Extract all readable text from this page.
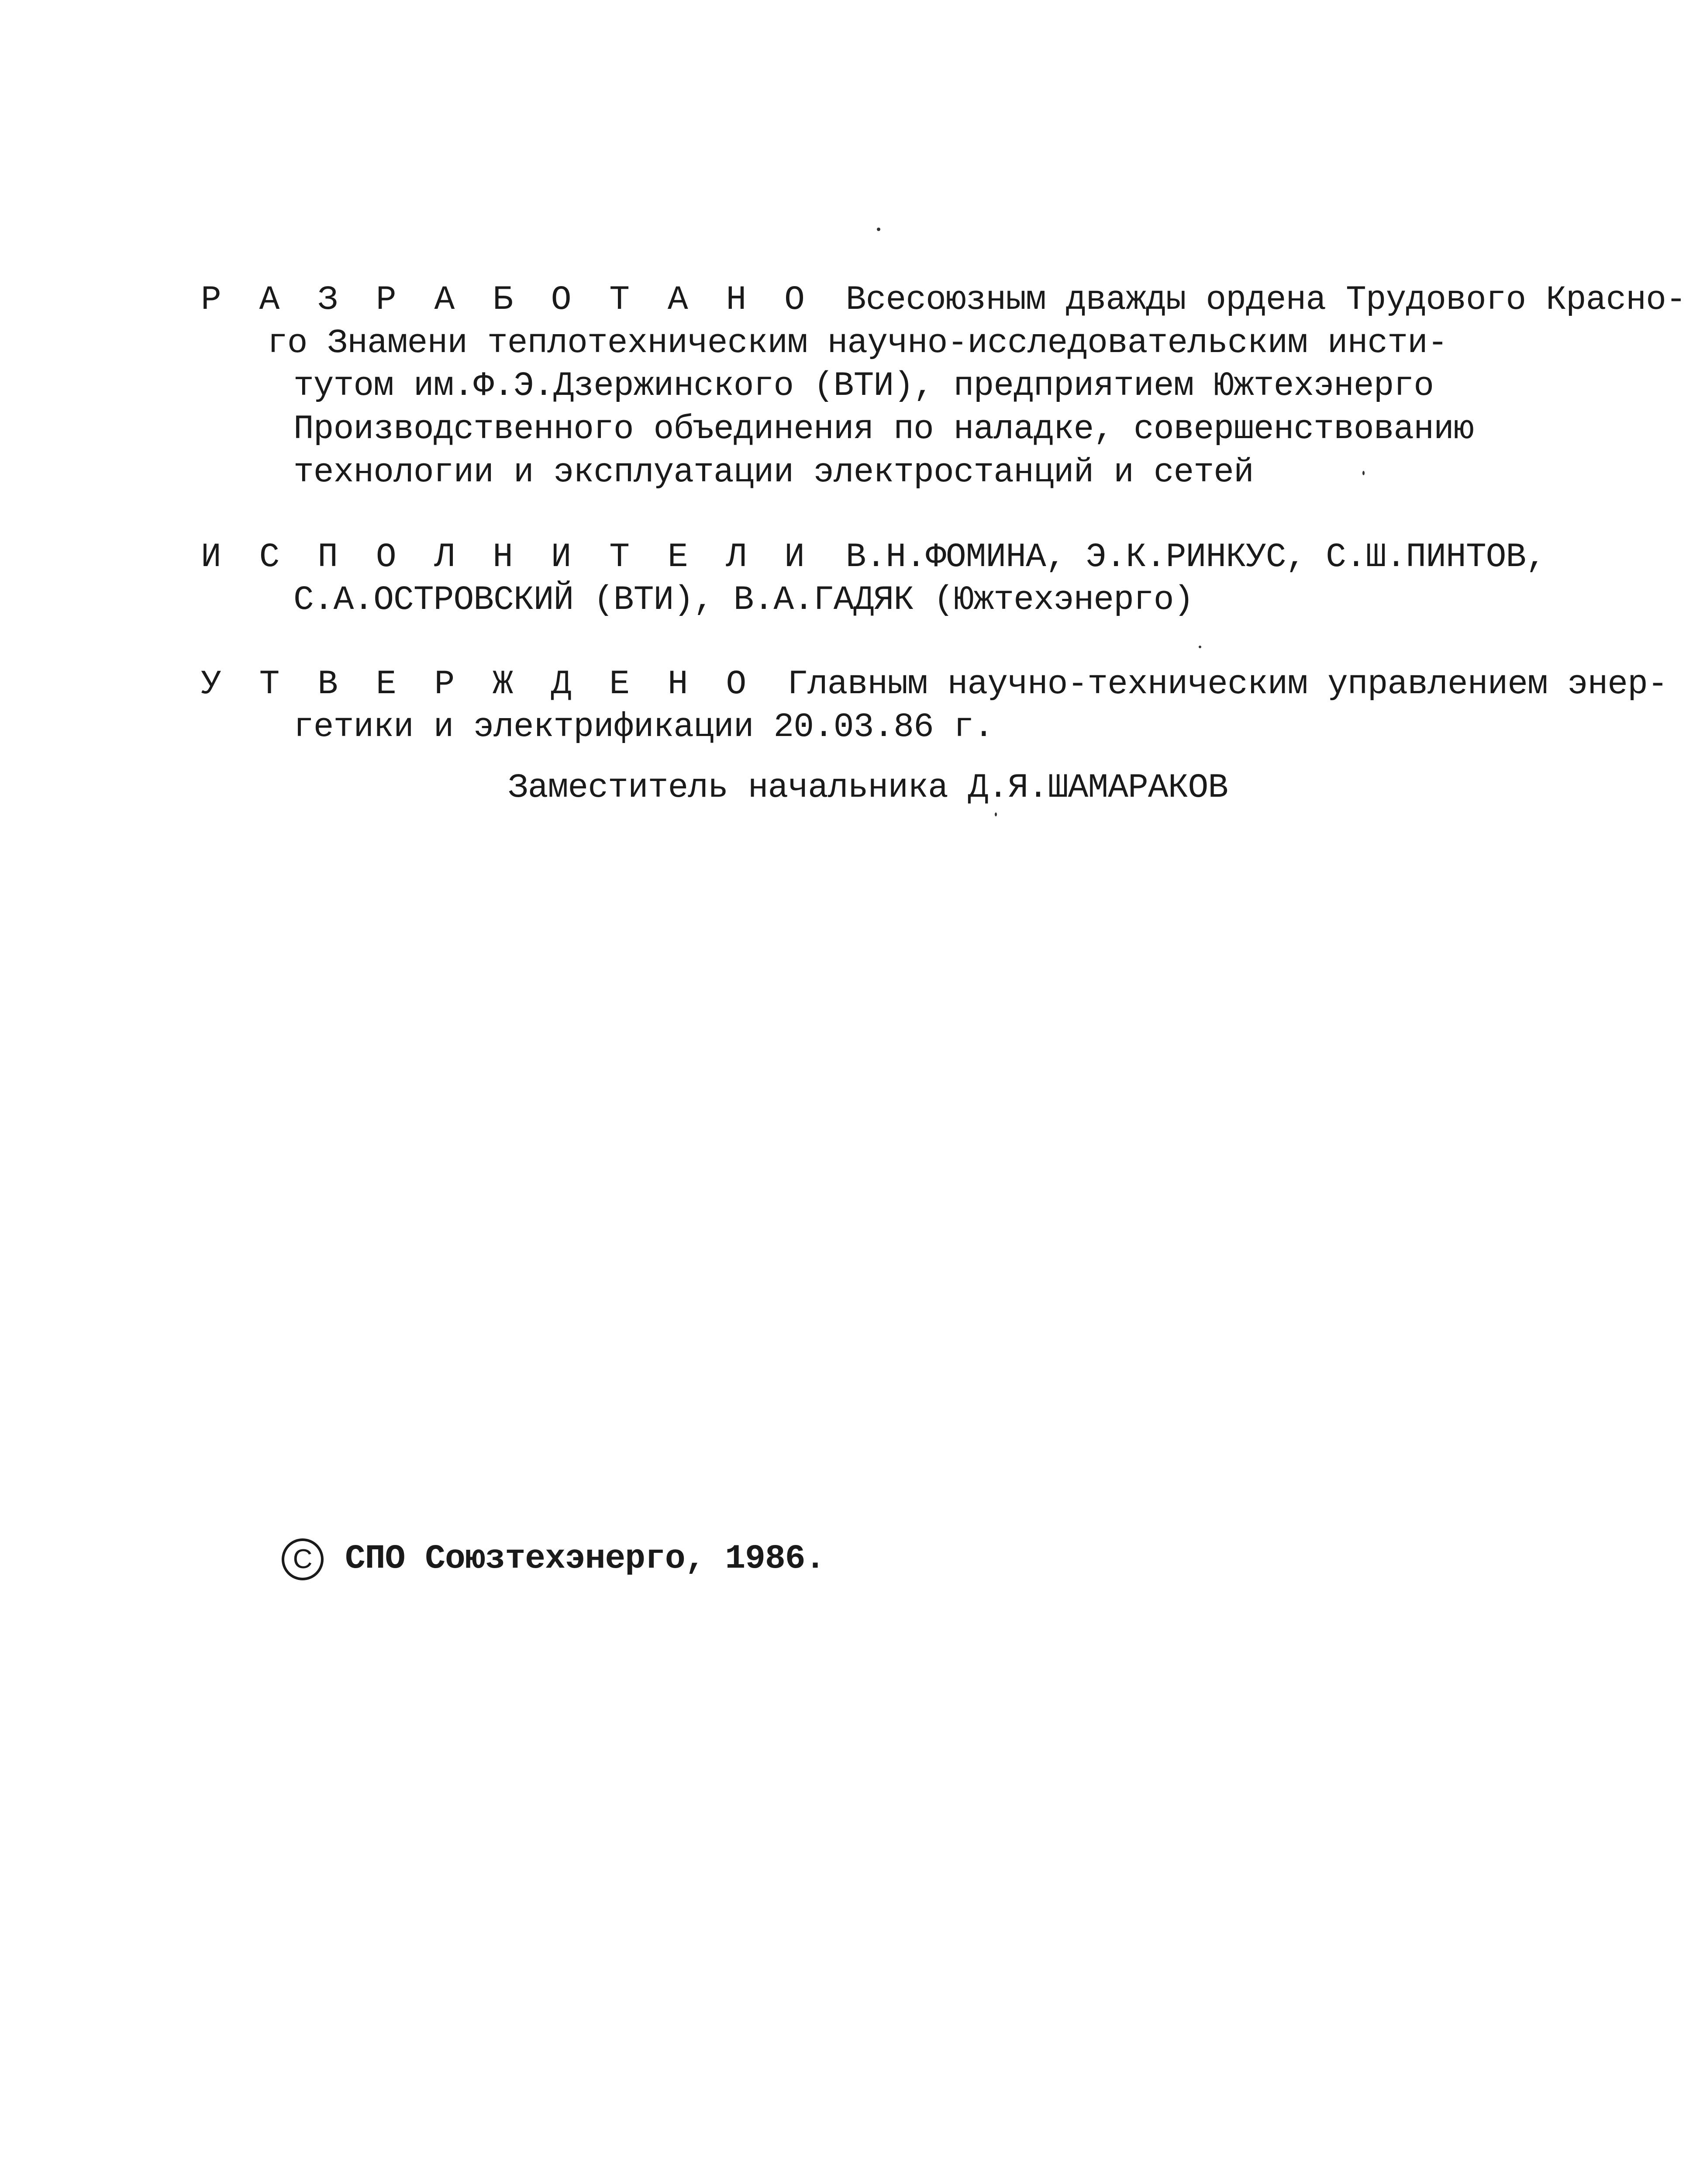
Р А З Р А Б О Т А Н О Всесоюзным дважды ордена Трудового Красно-
го Знамени теплотехническим научно-исследовательским инсти-
тутом им.Ф.Э.Дзержинского (ВТИ), предприятием Южтехэнерго
Производственного объединения по наладке, совершенствованию
технологии и эксплуатации электростанций и сетей
И С П О Л Н И Т Е Л И В.Н.ФОМИНА, Э.К.РИНКУС, С.Ш.ПИНТОВ,
С.А.ОСТРОВСКИЙ (ВТИ), В.А.ГАДЯК (Южтехэнерго)
У Т В Е Р Ж Д Е Н О Главным научно-техническим управлением энер-
гетики и электрификации 20.03.86 г.
Заместитель начальника Д.Я.ШАМАРАКОВ
C СПО Союзтехэнерго, 1986.
